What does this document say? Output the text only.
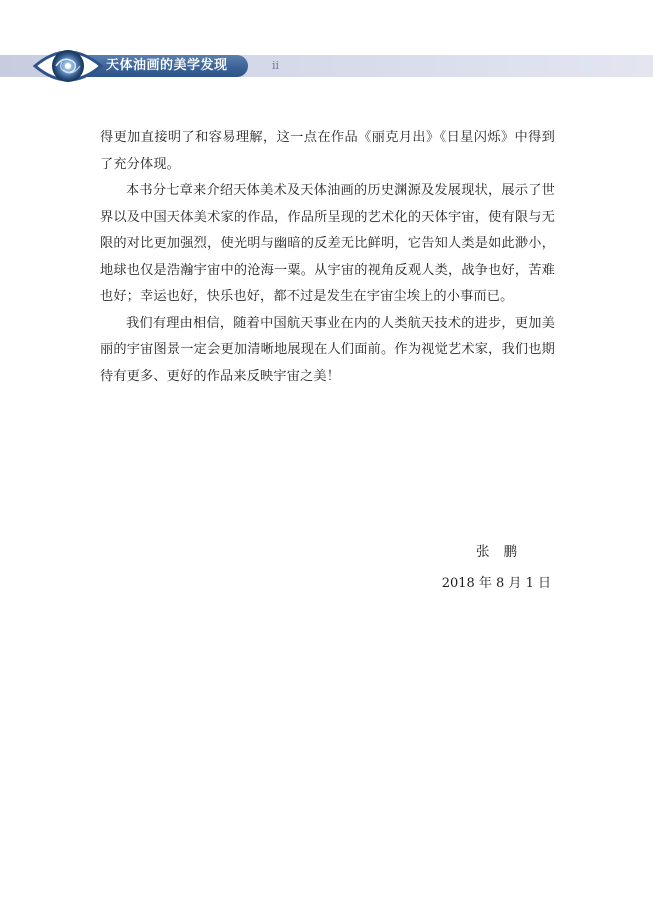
天体油画的美学发现	ii

得更加直接明了和容易理解，这一点在作品《丽克月出》《日星闪烁》中得到了充分体现。

本书分七章来介绍天体美术及天体油画的历史渊源及发展现状，展示了世界以及中国天体美术家的作品，作品所呈现的艺术化的天体宇宙，使有限与无限的对比更加强烈，使光明与幽暗的反差无比鲜明，它告知人类是如此渺小，地球也仅是浩瀚宇宙中的沧海一粟。从宇宙的视角反观人类，战争也好，苦难也好；幸运也好，快乐也好，都不过是发生在宇宙尘埃上的小事而已。

我们有理由相信，随着中国航天事业在内的人类航天技术的进步，更加美丽的宇宙图景一定会更加清晰地展现在人们面前。作为视觉艺术家，我们也期待有更多、更好的作品来反映宇宙之美！

张鹏
2018 年 8 月 1 日
